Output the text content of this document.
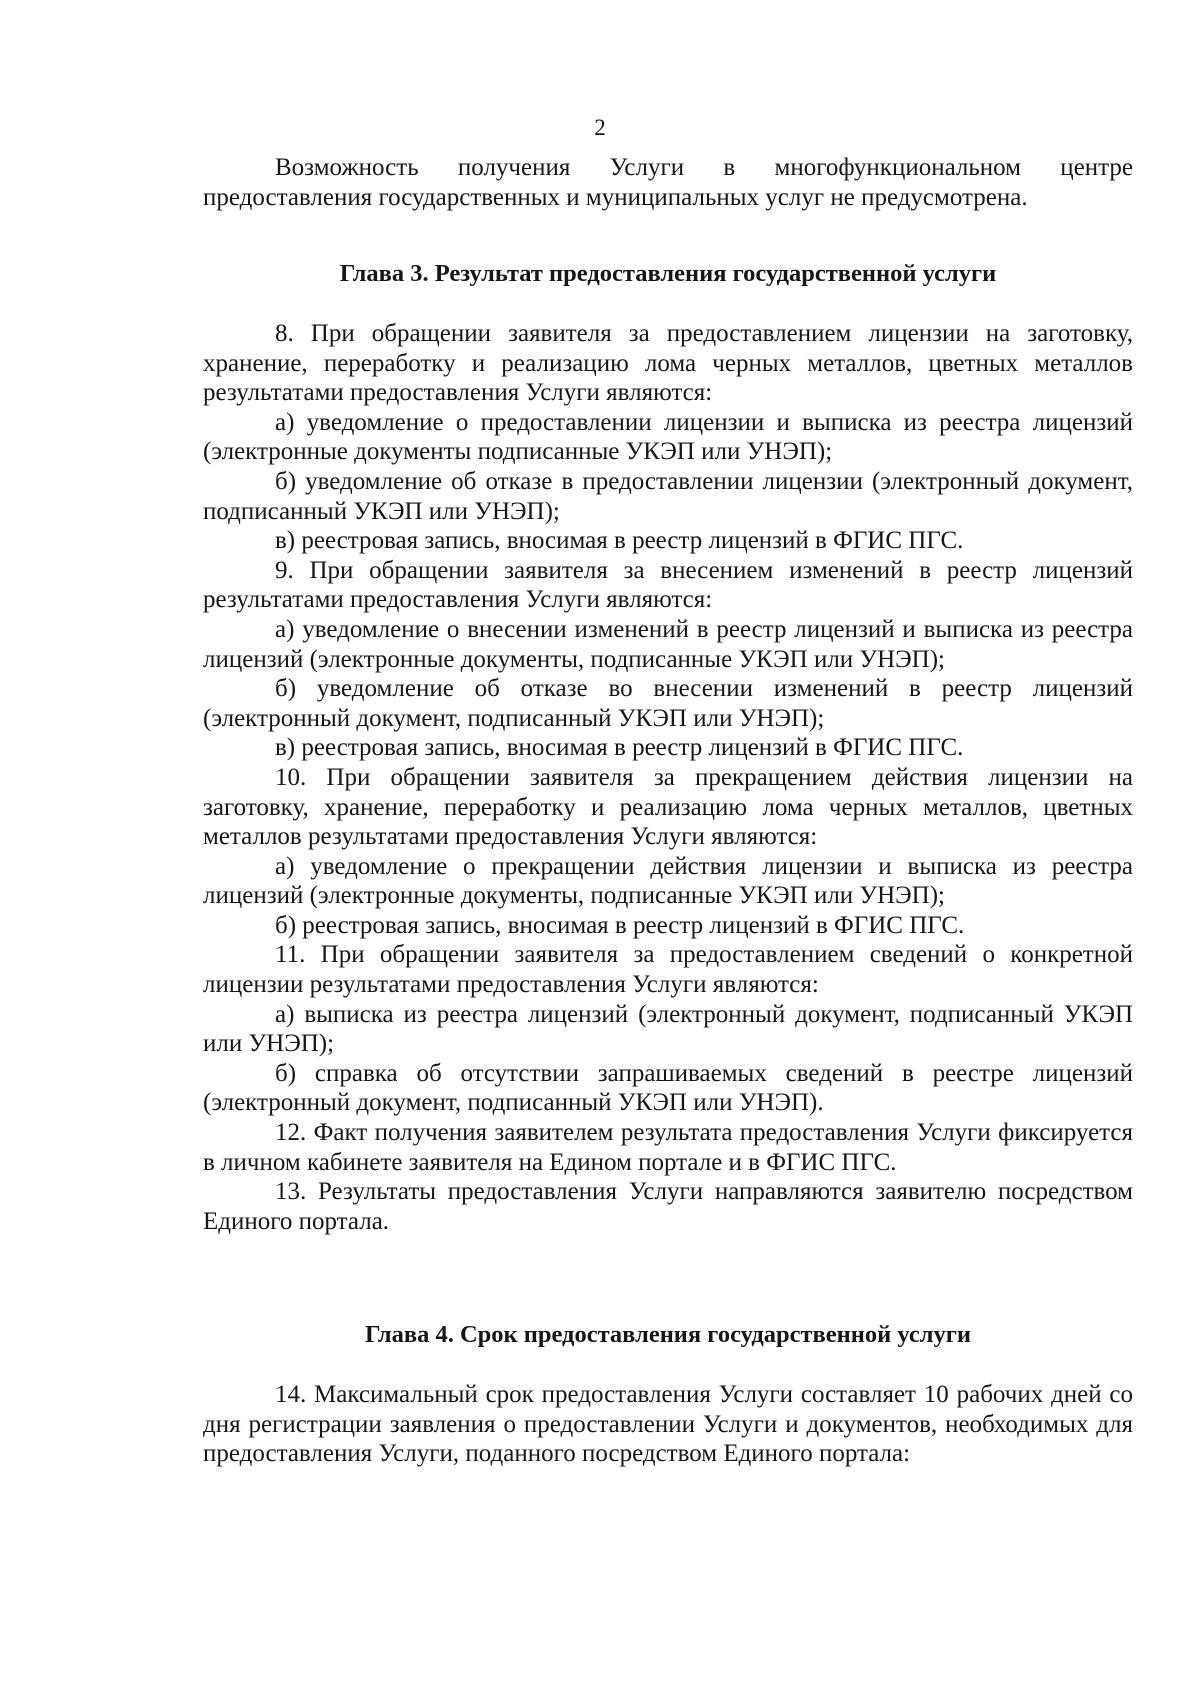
2

Возможность получения Услуги в многофункциональном центре предоставления государственных и муниципальных услуг не предусмотрена.

Глава 3. Результат предоставления государственной услуги

8. При обращении заявителя за предоставлением лицензии на заготовку, хранение, переработку и реализацию лома черных металлов, цветных металлов результатами предоставления Услуги являются:

а) уведомление о предоставлении лицензии и выписка из реестра лицензий (электронные документы подписанные УКЭП или УНЭП);

б) уведомление об отказе в предоставлении лицензии (электронный документ, подписанный УКЭП или УНЭП);

в) реестровая запись, вносимая в реестр лицензий в ФГИС ПГС.

9. При обращении заявителя за внесением изменений в реестр лицензий результатами предоставления Услуги являются:

а) уведомление о внесении изменений в реестр лицензий и выписка из реестра лицензий (электронные документы, подписанные УКЭП или УНЭП);

б) уведомление об отказе во внесении изменений в реестр лицензий (электронный документ, подписанный УКЭП или УНЭП);

в) реестровая запись, вносимая в реестр лицензий в ФГИС ПГС.

10. При обращении заявителя за прекращением действия лицензии на заготовку, хранение, переработку и реализацию лома черных металлов, цветных металлов результатами предоставления Услуги являются:

а) уведомление о прекращении действия лицензии и выписка из реестра лицензий (электронные документы, подписанные УКЭП или УНЭП);

б) реестровая запись, вносимая в реестр лицензий в ФГИС ПГС.

11. При обращении заявителя за предоставлением сведений о конкретной лицензии результатами предоставления Услуги являются:

а) выписка из реестра лицензий (электронный документ, подписанный УКЭП или УНЭП);

б) справка об отсутствии запрашиваемых сведений в реестре лицензий (электронный документ, подписанный УКЭП или УНЭП).

12. Факт получения заявителем результата предоставления Услуги фиксируется в личном кабинете заявителя на Едином портале и в ФГИС ПГС.

13. Результаты предоставления Услуги направляются заявителю посредством Единого портала.

Глава 4. Срок предоставления государственной услуги

14. Максимальный срок предоставления Услуги составляет 10 рабочих дней со дня регистрации заявления о предоставлении Услуги и документов, необходимых для предоставления Услуги, поданного посредством Единого портала:
